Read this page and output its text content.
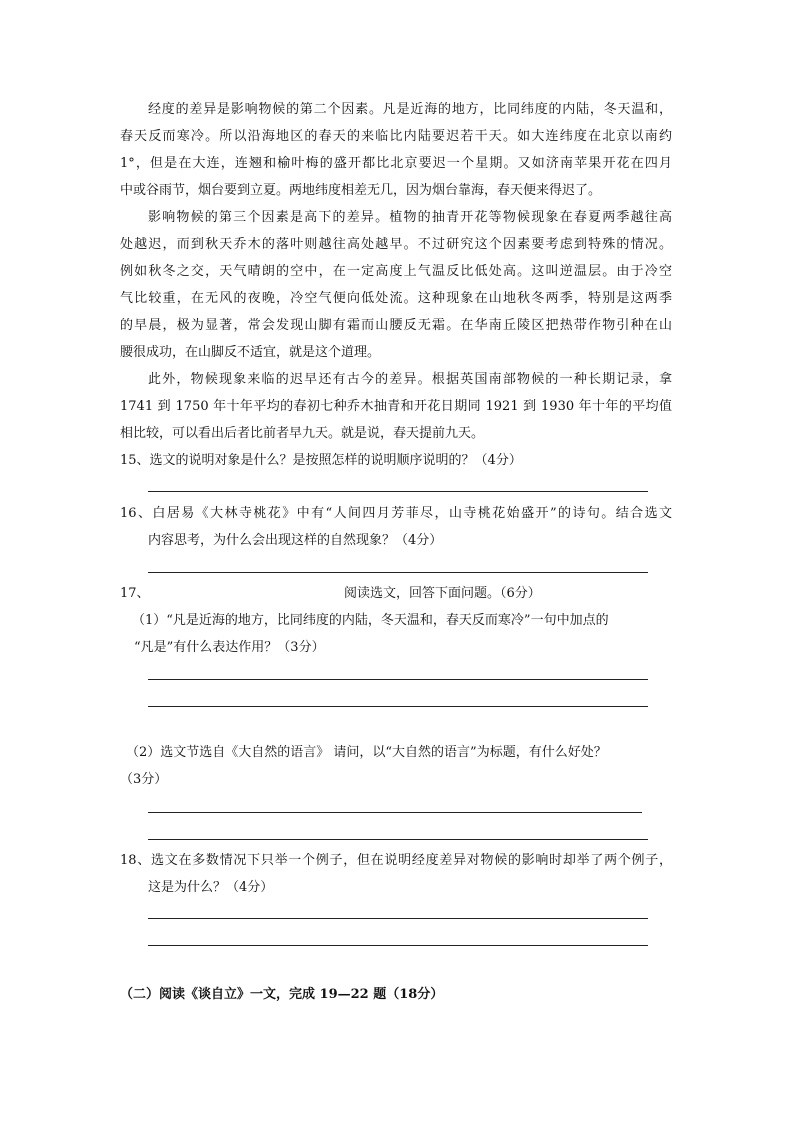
经度的差异是影响物候的第二个因素。凡是近海的地方，比同纬度的内陆，冬天温和，
春天反而寒冷。所以沿海地区的春天的来临比内陆要迟若干天。如大连纬度在北京以南约
1°，但是在大连，连翘和榆叶梅的盛开都比北京要迟一个星期。又如济南苹果开花在四月
中或谷雨节，烟台要到立夏。两地纬度相差无几，因为烟台靠海，春天便来得迟了。
影响物候的第三个因素是高下的差异。植物的抽青开花等物候现象在春夏两季越往高
处越迟，而到秋天乔木的落叶则越往高处越早。不过研究这个因素要考虑到特殊的情况。
例如秋冬之交，天气晴朗的空中，在一定高度上气温反比低处高。这叫逆温层。由于冷空
气比较重，在无风的夜晚，冷空气便向低处流。这种现象在山地秋冬两季，特别是这两季
的早晨，极为显著，常会发现山脚有霜而山腰反无霜。在华南丘陵区把热带作物引种在山
腰很成功，在山脚反不适宜，就是这个道理。
此外，物候现象来临的迟早还有古今的差异。根据英国南部物候的一种长期记录，拿
1741 到 1750 年十年平均的春初七种乔木抽青和开花日期同 1921 到 1930 年十年的平均值
相比较，可以看出后者比前者早九天。就是说，春天提前九天。
15、选文的说明对象是什么？是按照怎样的说明顺序说明的？（4分）
16、白居易《大林寺桃花》中有“人间四月芳菲尽，山寺桃花始盛开”的诗句。结合选文
内容思考，为什么会出现这样的自然现象？（4分）
17、	阅读选文，回答下面问题。（6分）
（1）“凡是近海的地方，比同纬度的内陆，冬天温和，春天反而寒冷”一句中加点的
“凡是”有什么表达作用？（3分）
（2）选文节选自《大自然的语言》 请问，以“大自然的语言”为标题，有什么好处？
（3分）
18、选文在多数情况下只举一个例子，但在说明经度差异对物候的影响时却举了两个例子，
这是为什么？（4分）
（二）阅读《谈自立》一文，完成 19—22 题（18分）
